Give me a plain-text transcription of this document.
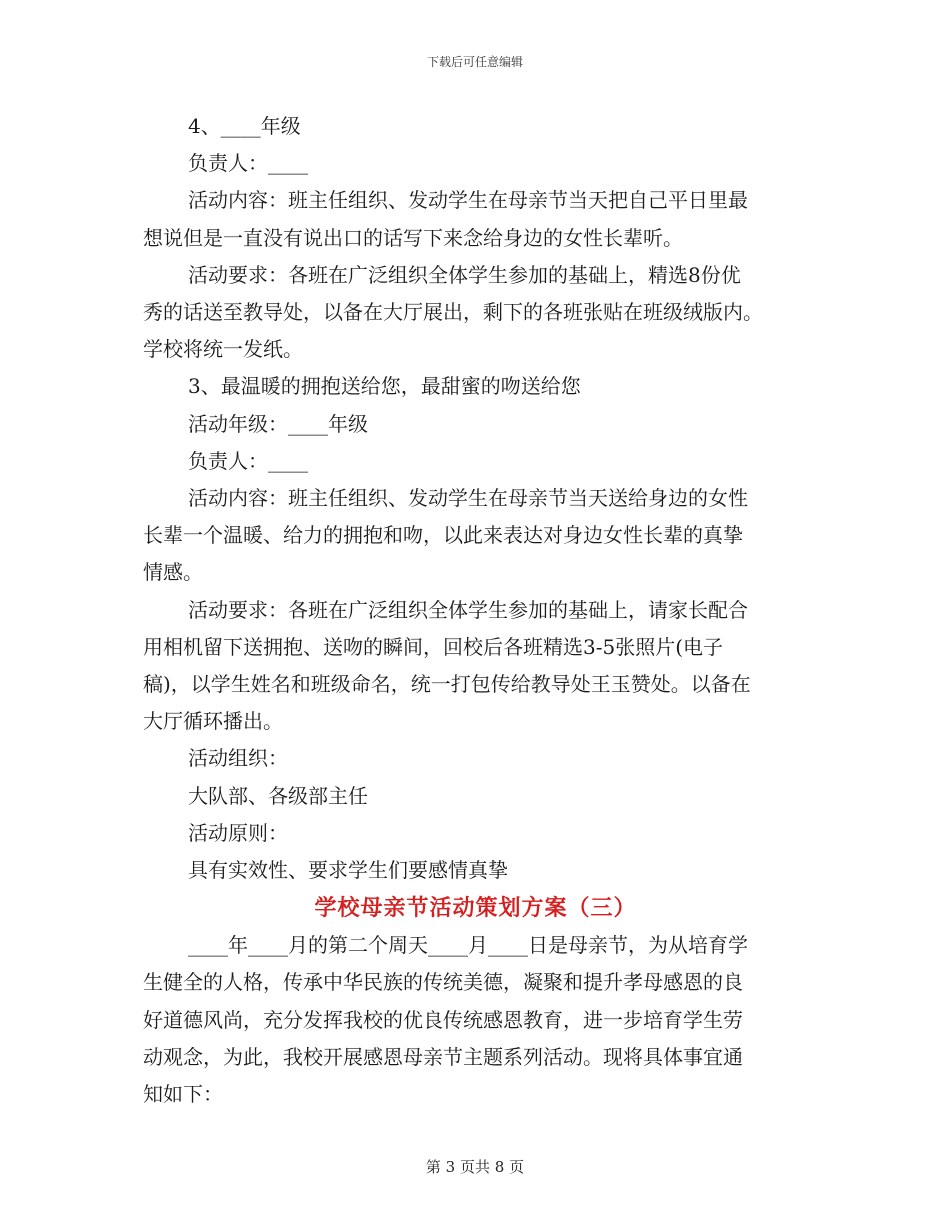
下载后可任意编辑
4、____年级
负责人：____
活动内容：班主任组织、发动学生在母亲节当天把自己平日里最
想说但是一直没有说出口的话写下来念给身边的女性长辈听。
活动要求：各班在广泛组织全体学生参加的基础上，精选8份优
秀的话送至教导处，以备在大厅展出，剩下的各班张贴在班级绒版内。
学校将统一发纸。
3、最温暖的拥抱送给您，最甜蜜的吻送给您
活动年级：____年级
负责人：____
活动内容：班主任组织、发动学生在母亲节当天送给身边的女性
长辈一个温暖、给力的拥抱和吻，以此来表达对身边女性长辈的真挚
情感。
活动要求：各班在广泛组织全体学生参加的基础上，请家长配合
用相机留下送拥抱、送吻的瞬间，回校后各班精选3-5张照片(电子
稿)，以学生姓名和班级命名，统一打包传给教导处王玉赞处。以备在
大厅循环播出。
活动组织：
大队部、各级部主任
活动原则：
具有实效性、要求学生们要感情真挚
学校母亲节活动策划方案（三）
____年____月的第二个周天____月____日是母亲节，为从培育学
生健全的人格，传承中华民族的传统美德，凝聚和提升孝母感恩的良
好道德风尚，充分发挥我校的优良传统感恩教育，进一步培育学生劳
动观念，为此，我校开展感恩母亲节主题系列活动。现将具体事宜通
知如下：
第 3 页共 8 页
